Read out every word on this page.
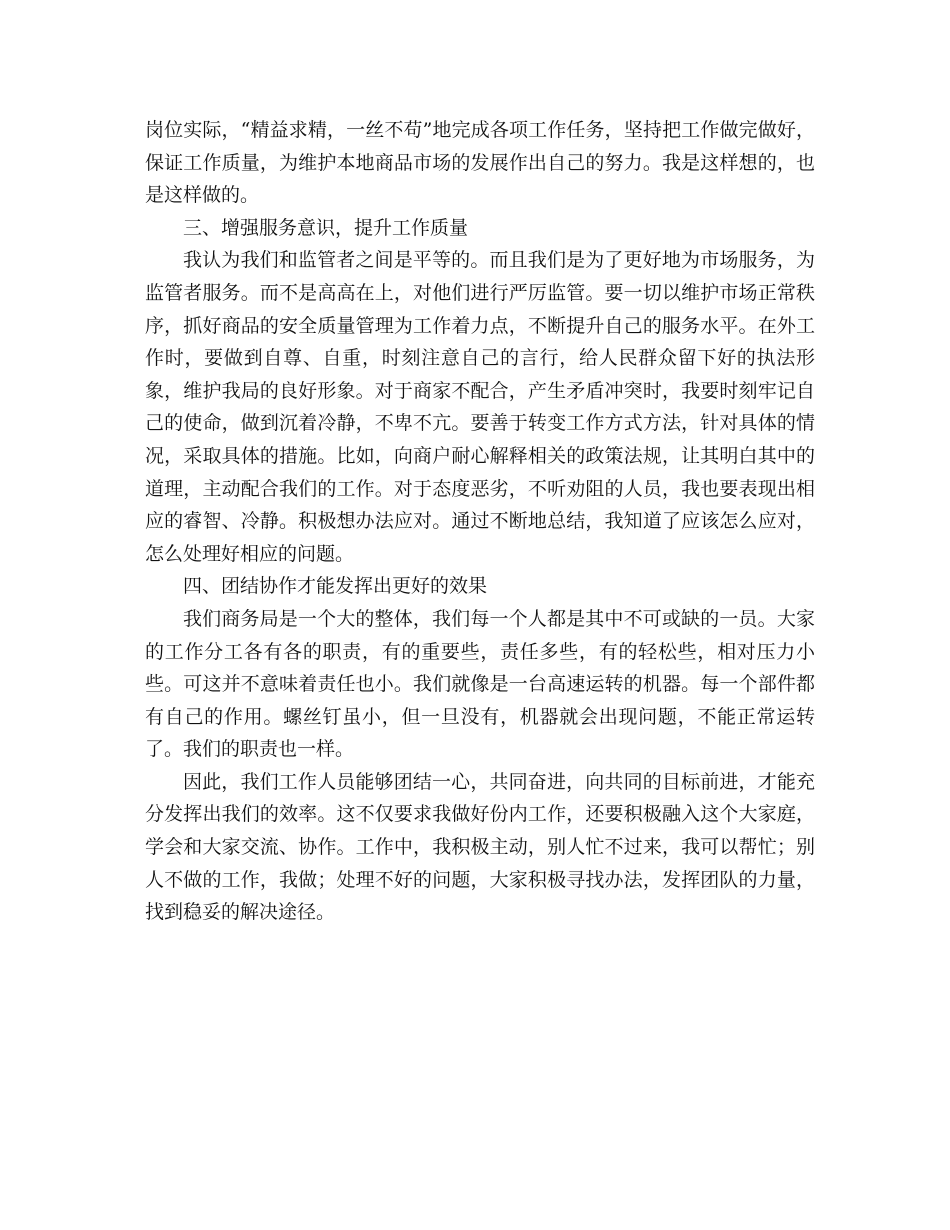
岗位实际，“精益求精，一丝不苟”地完成各项工作任务，坚持把工作做完做好，保证工作质量，为维护本地商品市场的发展作出自己的努力。我是这样想的，也是这样做的。

三、增强服务意识，提升工作质量

我认为我们和监管者之间是平等的。而且我们是为了更好地为市场服务，为监管者服务。而不是高高在上，对他们进行严厉监管。要一切以维护市场正常秩序，抓好商品的安全质量管理为工作着力点，不断提升自己的服务水平。在外工作时，要做到自尊、自重，时刻注意自己的言行，给人民群众留下好的执法形象，维护我局的良好形象。对于商家不配合，产生矛盾冲突时，我要时刻牢记自己的使命，做到沉着冷静，不卑不亢。要善于转变工作方式方法，针对具体的情况，采取具体的措施。比如，向商户耐心解释相关的政策法规，让其明白其中的道理，主动配合我们的工作。对于态度恶劣，不听劝阻的人员，我也要表现出相应的睿智、冷静。积极想办法应对。通过不断地总结，我知道了应该怎么应对，怎么处理好相应的问题。

四、团结协作才能发挥出更好的效果

我们商务局是一个大的整体，我们每一个人都是其中不可或缺的一员。大家的工作分工各有各的职责，有的重要些，责任多些，有的轻松些，相对压力小些。可这并不意味着责任也小。我们就像是一台高速运转的机器。每一个部件都有自己的作用。螺丝钉虽小，但一旦没有，机器就会出现问题，不能正常运转了。我们的职责也一样。

因此，我们工作人员能够团结一心，共同奋进，向共同的目标前进，才能充分发挥出我们的效率。这不仅要求我做好份内工作，还要积极融入这个大家庭，学会和大家交流、协作。工作中，我积极主动，别人忙不过来，我可以帮忙；别人不做的工作，我做；处理不好的问题，大家积极寻找办法，发挥团队的力量，找到稳妥的解决途径。
